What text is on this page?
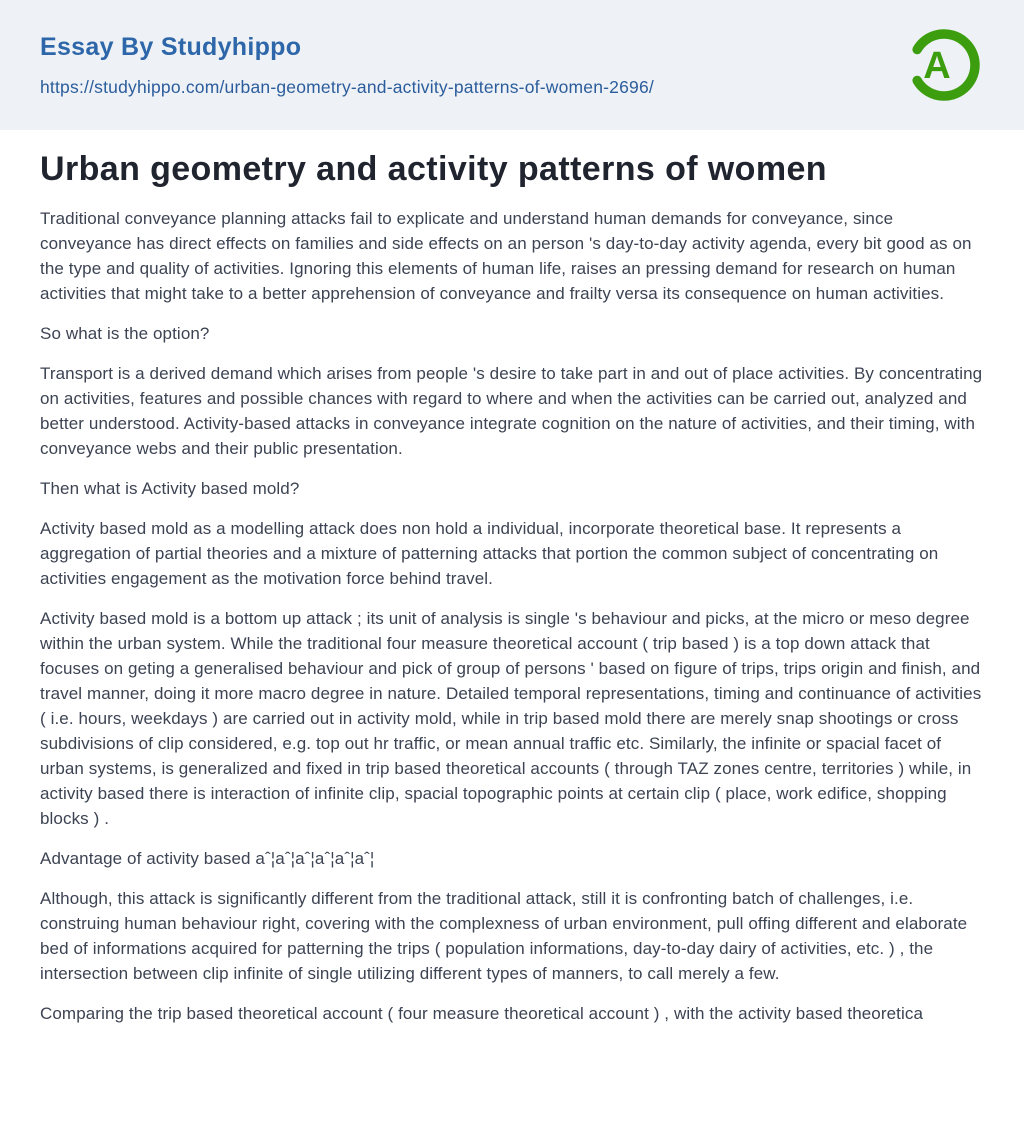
Essay By Studyhippo
https://studyhippo.com/urban-geometry-and-activity-patterns-of-women-2696/	A
Urban geometry and activity patterns of women

Traditional conveyance planning attacks fail to explicate and understand human demands for conveyance, since conveyance has direct effects on families and side effects on an person 's day-to-day activity agenda, every bit good as on the type and quality of activities. Ignoring this elements of human life, raises an pressing demand for research on human activities that might take to a better apprehension of conveyance and frailty versa its consequence on human activities.

So what is the option?

Transport is a derived demand which arises from people 's desire to take part in and out of place activities. By concentrating on activities, features and possible chances with regard to where and when the activities can be carried out, analyzed and better understood. Activity-based attacks in conveyance integrate cognition on the nature of activities, and their timing, with conveyance webs and their public presentation.

Then what is Activity based mold?

Activity based mold as a modelling attack does non hold a individual, incorporate theoretical base. It represents a aggregation of partial theories and a mixture of patterning attacks that portion the common subject of concentrating on activities engagement as the motivation force behind travel.

Activity based mold is a bottom up attack ; its unit of analysis is single 's behaviour and picks, at the micro or meso degree within the urban system. While the traditional four measure theoretical account ( trip based ) is a top down attack that focuses on geting a generalised behaviour and pick of group of persons ' based on figure of trips, trips origin and finish, and travel manner, doing it more macro degree in nature. Detailed temporal representations, timing and continuance of activities ( i.e. hours, weekdays ) are carried out in activity mold, while in trip based mold there are merely snap shootings or cross subdivisions of clip considered, e.g. top out hr traffic, or mean annual traffic etc. Similarly, the infinite or spacial facet of urban systems, is generalized and fixed in trip based theoretical accounts ( through TAZ zones centre, territories ) while, in activity based there is interaction of infinite clip, spacial topographic points at certain clip ( place, work edifice, shopping blocks ) .

Advantage of activity based aˆ¦aˆ¦aˆ¦aˆ¦aˆ¦aˆ¦

Although, this attack is significantly different from the traditional attack, still it is confronting batch of challenges, i.e. construing human behaviour right, covering with the complexness of urban environment, pull offing different and elaborate bed of informations acquired for patterning the trips ( population informations, day-to-day dairy of activities, etc. ) , the intersection between clip infinite of single utilizing different types of manners, to call merely a few.

Comparing the trip based theoretical account ( four measure theoretical account ) , with the activity based theoretica
